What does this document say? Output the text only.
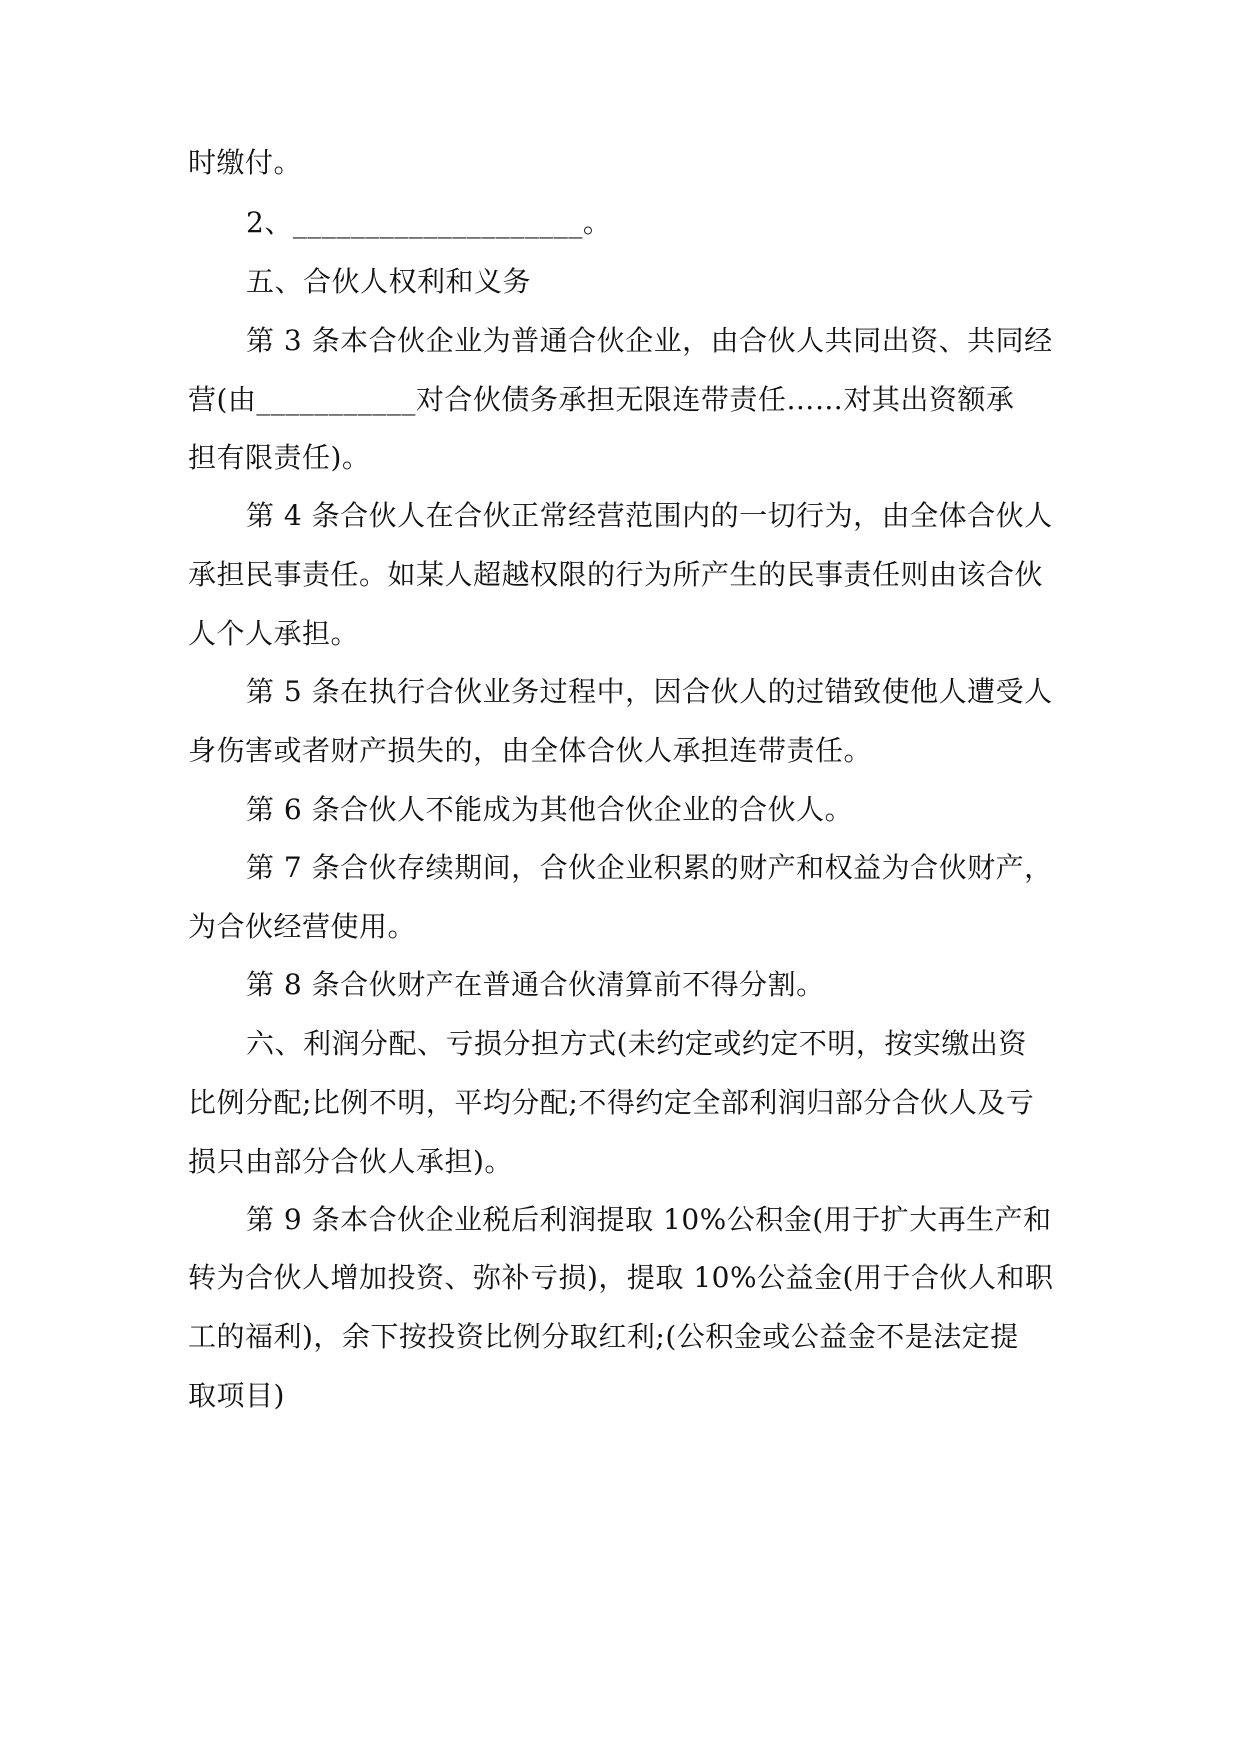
时缴付。
2、____________________。
五、合伙人权利和义务
第 3 条本合伙企业为普通合伙企业，由合伙人共同出资、共同经
营(由___________对合伙债务承担无限连带责任……对其出资额承
担有限责任)。
第 4 条合伙人在合伙正常经营范围内的一切行为，由全体合伙人
承担民事责任。如某人超越权限的行为所产生的民事责任则由该合伙
人个人承担。
第 5 条在执行合伙业务过程中，因合伙人的过错致使他人遭受人
身伤害或者财产损失的，由全体合伙人承担连带责任。
第 6 条合伙人不能成为其他合伙企业的合伙人。
第 7 条合伙存续期间，合伙企业积累的财产和权益为合伙财产，
为合伙经营使用。
第 8 条合伙财产在普通合伙清算前不得分割。
六、利润分配、亏损分担方式(未约定或约定不明，按实缴出资
比例分配;比例不明，平均分配;不得约定全部利润归部分合伙人及亏
损只由部分合伙人承担)。
第 9 条本合伙企业税后利润提取 10%公积金(用于扩大再生产和
转为合伙人增加投资、弥补亏损)，提取 10%公益金(用于合伙人和职
工的福利)，余下按投资比例分取红利;(公积金或公益金不是法定提
取项目)
